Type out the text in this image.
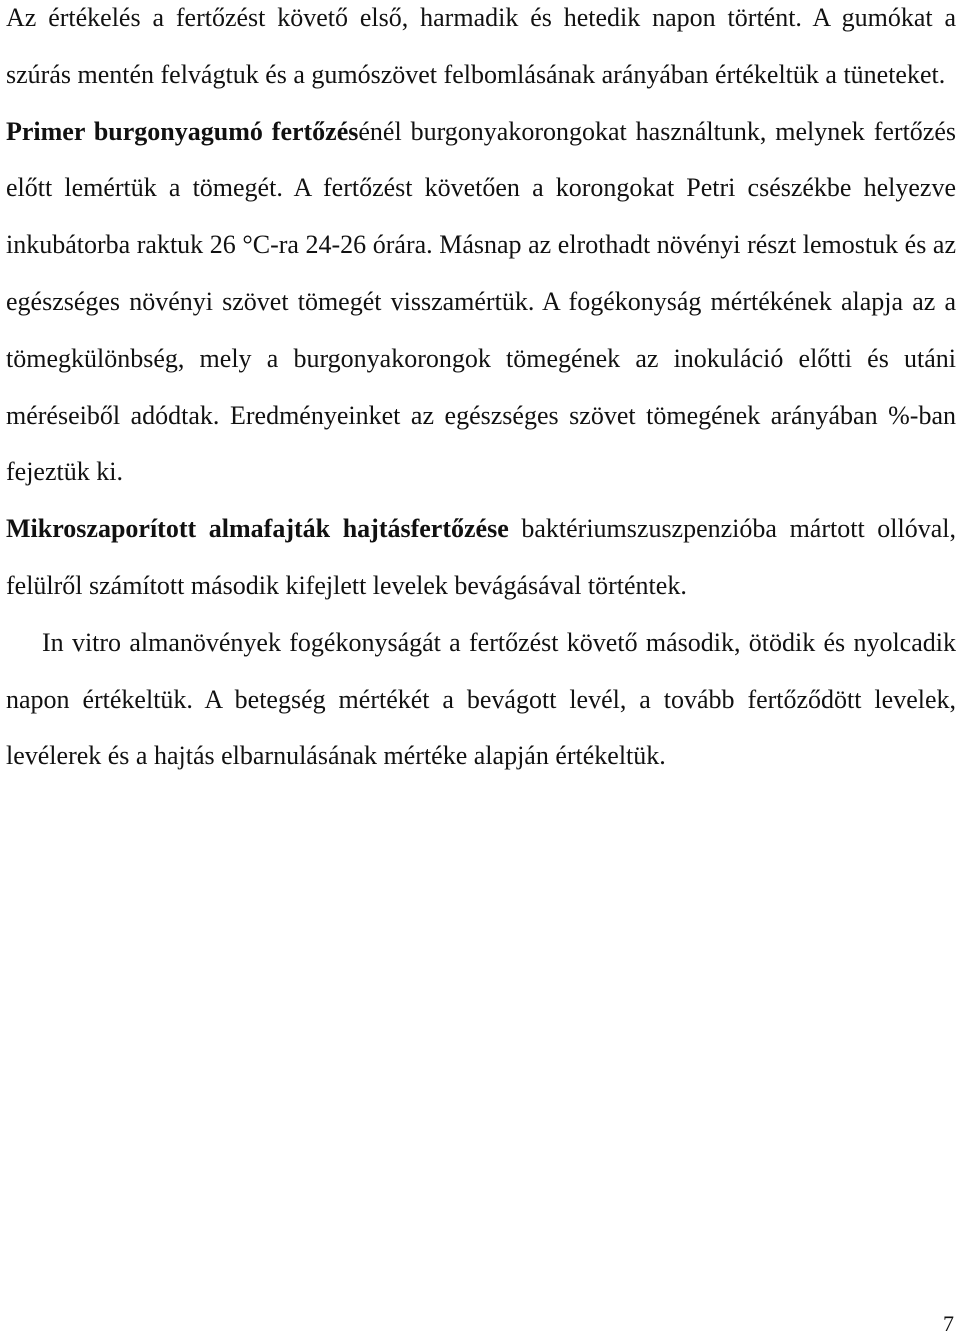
Az értékelés a fertőzést követő első, harmadik és hetedik napon történt. A gumókat a szúrás mentén felvágtuk és a gumószövet felbomlásának arányában értékeltük a tüneteket.

Primer burgonyagumó fertőzésénél burgonyakorongokat használtunk, melynek fertőzés előtt lemértük a tömegét. A fertőzést követően a korongokat Petri csészékbe helyezve inkubátorba raktuk 26 °C-ra 24-26 órára. Másnap az elrothadt növényi részt lemostuk és az egészséges növényi szövet tömegét visszamértük. A fogékonyság mértékének alapja az a tömegkülönbség, mely a burgonyakorongok tömegének az inokuláció előtti és utáni méréseiből adódtak. Eredményeinket az egészséges szövet tömegének arányában %-ban fejeztük ki.

Mikroszaporított almafajták hajtásfertőzése baktériumszuszpenzióba mártott ollóval, felülről számított második kifejlett levelek bevágásával történtek.

In vitro almanövények fogékonyságát a fertőzést követő második, ötödik és nyolcadik napon értékeltük. A betegség mértékét a bevágott levél, a tovább fertőződött levelek, levélerek és a hajtás elbarnulásának mértéke alapján értékeltük.

7
